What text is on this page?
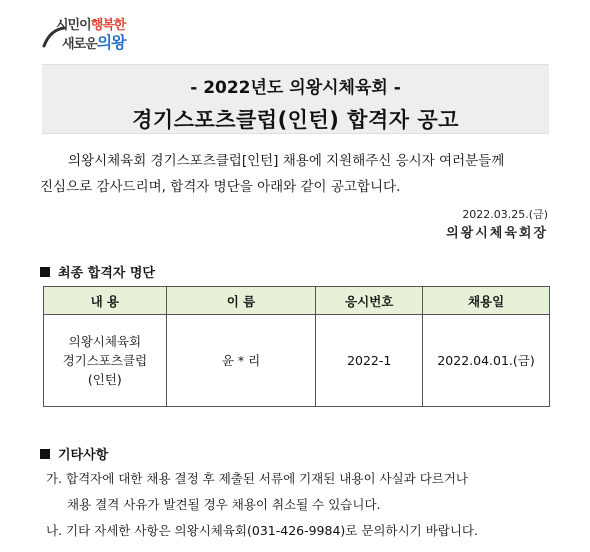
시민이행복한
새로운의왕
- 2022년도 의왕시체육회 -
경기스포츠클럽(인턴) 합격자 공고
의왕시체육회 경기스포츠클럽[인턴] 채용에 지원해주신 응시자 여러분들께
진심으로 감사드리며, 합격자 명단을 아래와 같이 공고합니다.
2022.03.25.(금)
의왕시체육회장
최종 합격자 명단
내 용	이 름	응시번호	채용일

의왕시체육회
경기스포츠클럽
(인턴)	윤 * 리	2022-1	2022.04.01.(금)
기타사항
가. 합격자에 대한 채용 결정 후 제출된 서류에 기재된 내용이 사실과 다르거나
채용 결격 사유가 발견될 경우 채용이 취소될 수 있습니다.
나. 기타 자세한 사항은 의왕시체육회(031-426-9984)로 문의하시기 바랍니다.
